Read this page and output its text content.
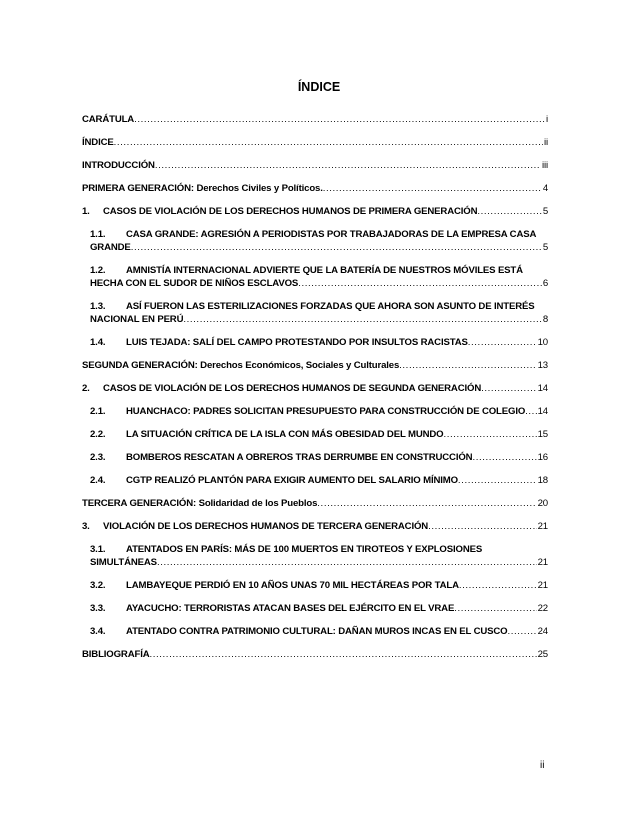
ÍNDICE
CARÁTULA .....	i
ÍNDICE .....	ii
INTRODUCCIÓN .....	iii
PRIMERA GENERACIÓN: Derechos Civiles y Políticos. .....	4
1.	CASOS DE VIOLACIÓN DE LOS DERECHOS HUMANOS DE PRIMERA GENERACIÓN .....	5
1.1. CASA GRANDE: AGRESIÓN A PERIODISTAS POR TRABAJADORAS DE LA EMPRESA CASA
GRANDE .....	5
1.2. AMNISTÍA INTERNACIONAL ADVIERTE QUE LA BATERÍA DE NUESTROS MÓVILES ESTÁ
HECHA CON EL SUDOR DE NIÑOS ESCLAVOS .....	6
1.3. ASÍ FUERON LAS ESTERILIZACIONES FORZADAS QUE AHORA SON ASUNTO DE INTERÉS
NACIONAL EN PERÚ .....	8
1.4.	LUIS TEJADA: SALÍ DEL CAMPO PROTESTANDO POR INSULTOS RACISTAS .....	10
SEGUNDA GENERACIÓN: Derechos Económicos, Sociales y Culturales .....	13
2.	CASOS DE VIOLACIÓN DE LOS DERECHOS HUMANOS DE SEGUNDA GENERACIÓN .....	14
2.1.	HUANCHACO: PADRES SOLICITAN PRESUPUESTO PARA CONSTRUCCIÓN DE COLEGIO .....	14
2.2.	LA SITUACIÓN CRÍTICA DE LA ISLA CON MÁS OBESIDAD DEL MUNDO .....	15
2.3.	BOMBEROS RESCATAN A OBREROS TRAS DERRUMBE EN CONSTRUCCIÓN .....	16
2.4.	CGTP REALIZÓ PLANTÓN PARA EXIGIR AUMENTO DEL SALARIO MÍNIMO .....	18
TERCERA GENERACIÓN: Solidaridad de los Pueblos .....	20
3.	VIOLACIÓN DE LOS DERECHOS HUMANOS DE TERCERA GENERACIÓN .....	21
3.1. ATENTADOS EN PARÍS: MÁS DE 100 MUERTOS EN TIROTEOS Y EXPLOSIONES
SIMULTÁNEAS .....	21
3.2.	LAMBAYEQUE PERDIÓ EN 10 AÑOS UNAS 70 MIL HECTÁREAS POR TALA .....	21
3.3.	AYACUCHO: TERRORISTAS ATACAN BASES DEL EJÉRCITO EN EL VRAE .....	22
3.4.	ATENTADO CONTRA PATRIMONIO CULTURAL: DAÑAN MUROS INCAS EN EL CUSCO .....	24
BIBLIOGRAFÍA .....	25
ii
